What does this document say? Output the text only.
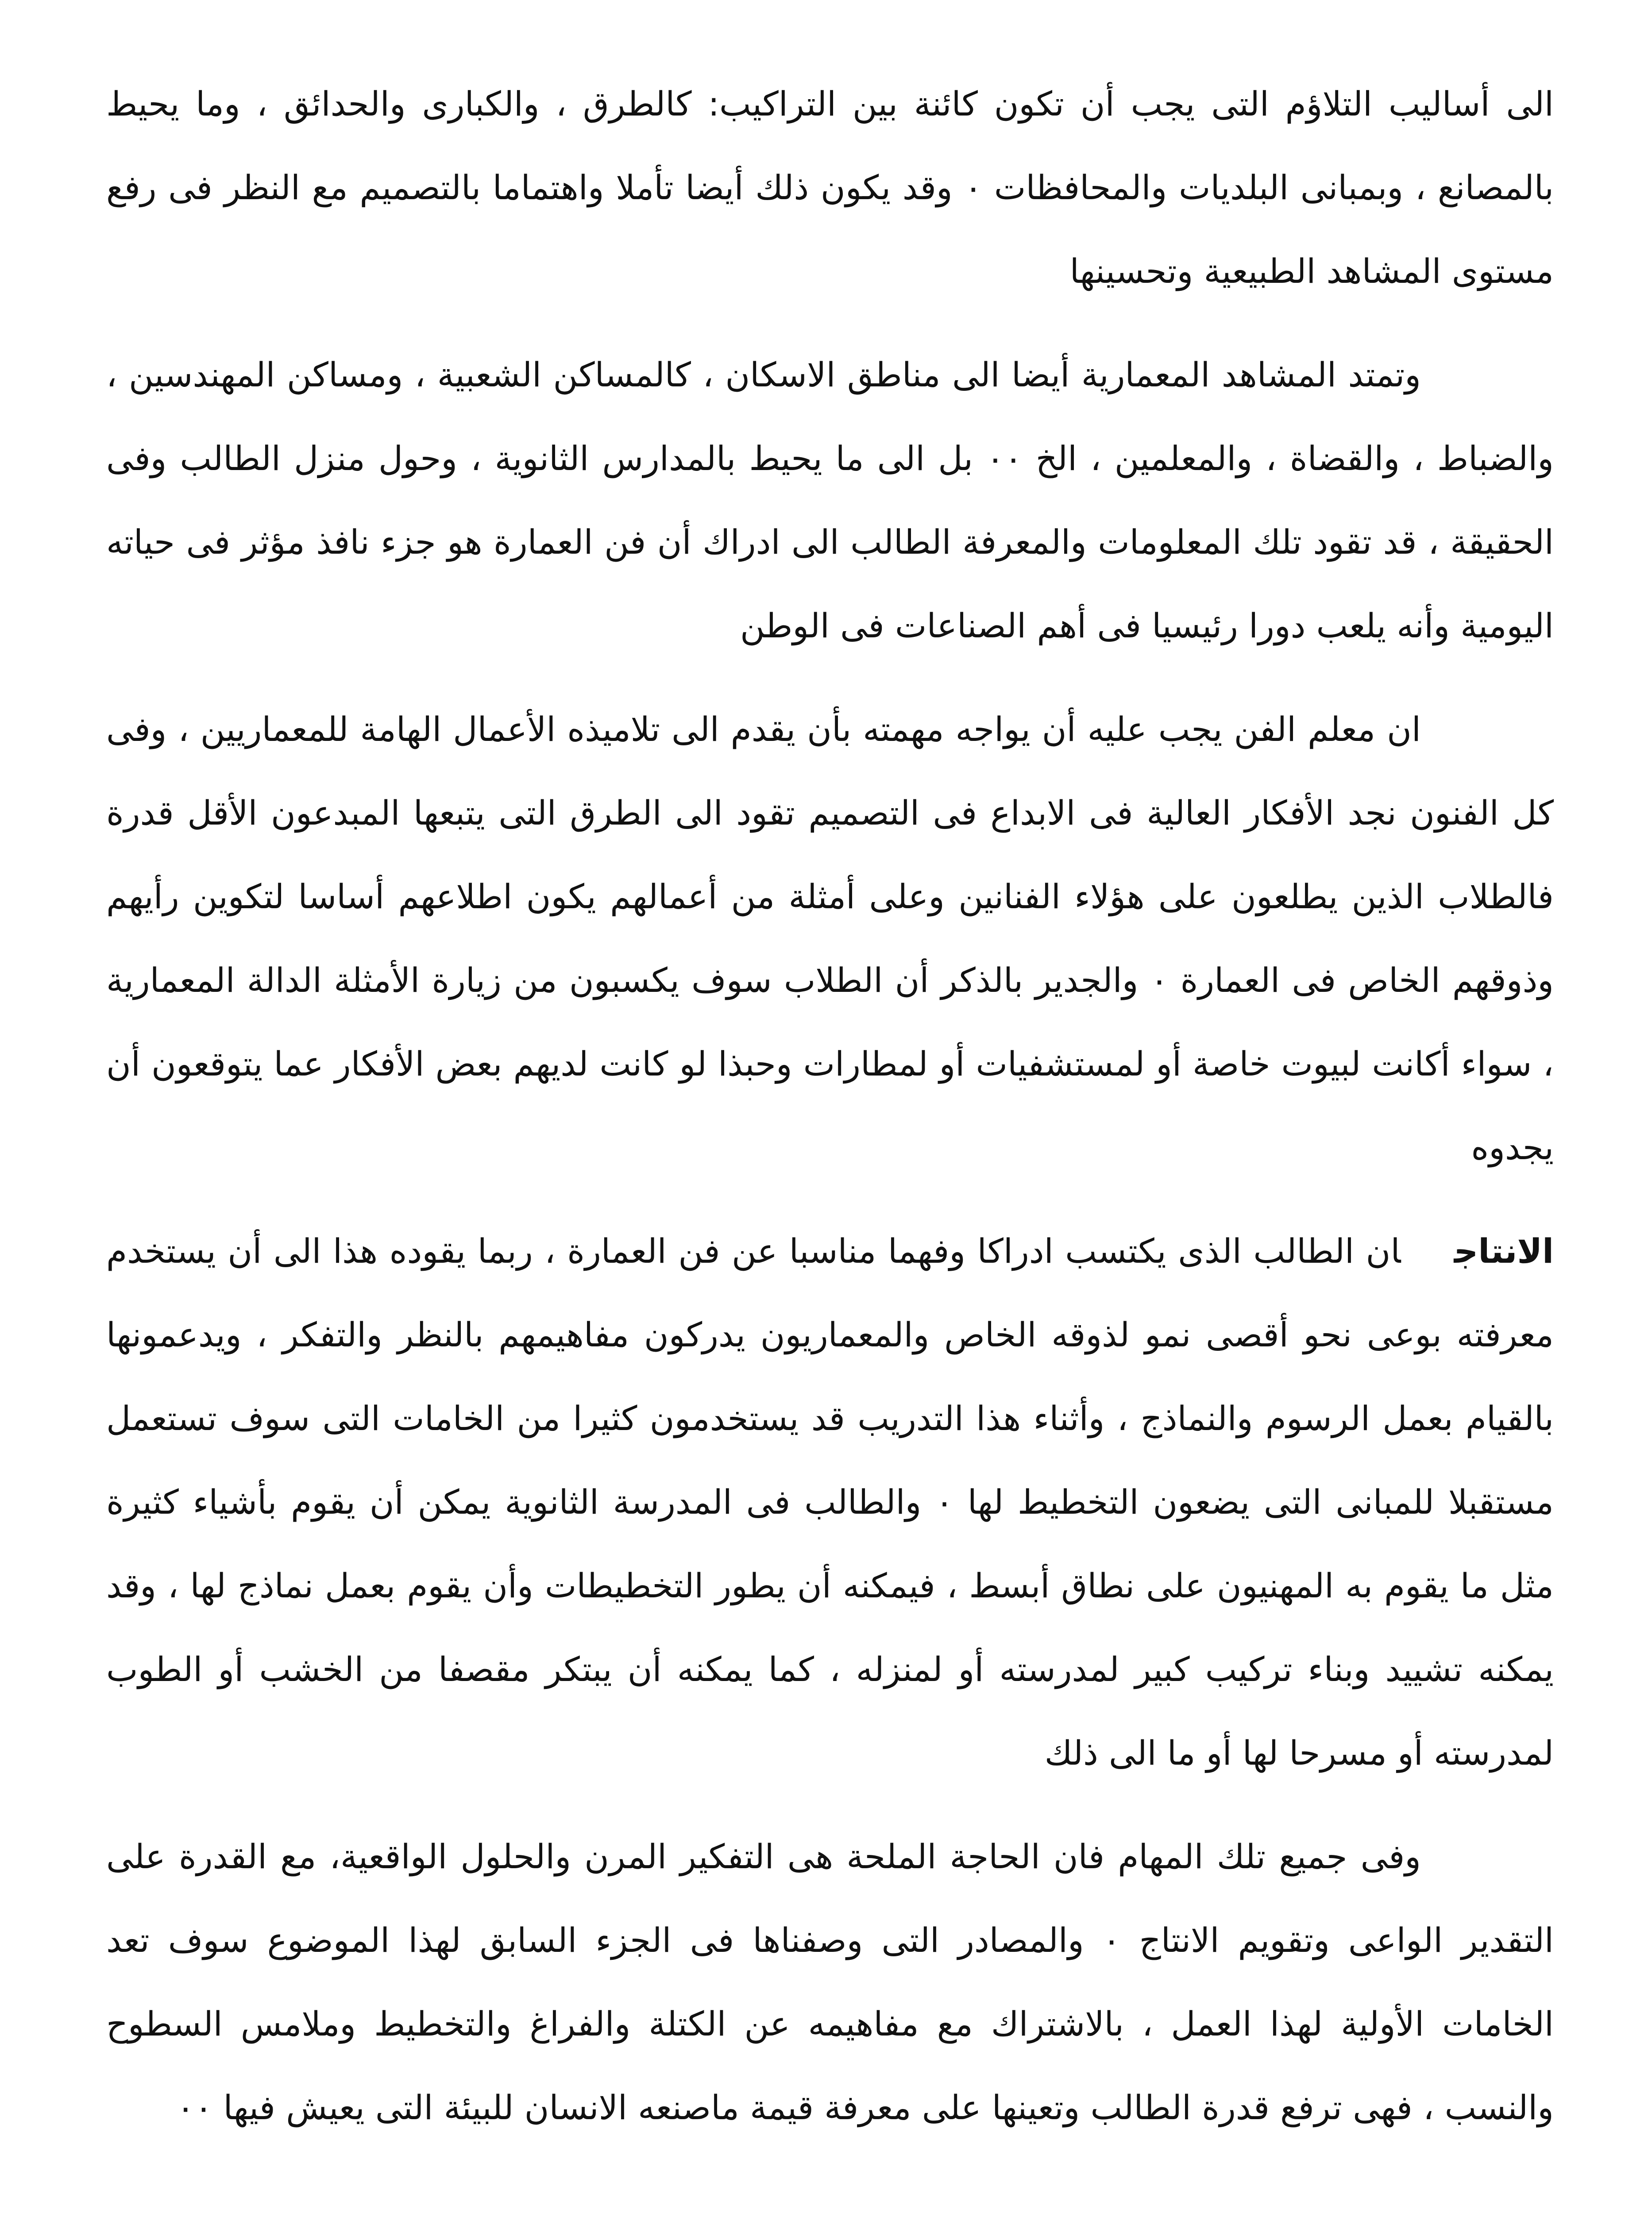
الى أساليب التلاؤم التى يجب أن تكون كائنة بين التراكيب: كالطرق ، والكبارى والحدائق ، وما يحيط بالمصانع ، وبمبانى البلديات والمحافظات ٠ وقد يكون ذلك أيضا تأملا واهتماما بالتصميم مع النظر فى رفع مستوى المشاهد الطبيعية وتحسينها

وتمتد المشاهد المعمارية أيضا الى مناطق الاسكان ، كالمساكن الشعبية ، ومساكن المهندسين ، والضباط ، والقضاة ، والمعلمين ، الخ ٠٠ بل الى ما يحيط بالمدارس الثانوية ، وحول منزل الطالب وفى الحقيقة ، قد تقود تلك المعلومات والمعرفة الطالب الى ادراك أن فن العمارة هو جزء نافذ مؤثر فى حياته اليومية وأنه يلعب دورا رئيسيا فى أهم الصناعات فى الوطن

ان معلم الفن يجب عليه أن يواجه مهمته بأن يقدم الى تلاميذه الأعمال الهامة للمعماريين ، وفى كل الفنون نجد الأفكار العالية فى الابداع فى التصميم تقود الى الطرق التى يتبعها المبدعون الأقل قدرة فالطلاب الذين يطلعون على هؤلاء الفنانين وعلى أمثلة من أعمالهم يكون اطلاعهم أساسا لتكوين رأيهم وذوقهم الخاص فى العمارة ٠ والجدير بالذكر أن الطلاب سوف يكسبون من زيارة الأمثلة الدالة المعمارية ، سواء أكانت لبيوت خاصة أو لمستشفيات أو لمطارات وحبذا لو كانت لديهم بعض الأفكار عما يتوقعون أن يجدوه

الانتاجان الطالب الذى يكتسب ادراكا وفهما مناسبا عن فن العمارة ، ربما يقوده هذا الى أن يستخدم معرفته بوعى نحو أقصى نمو لذوقه الخاص والمعماريون يدركون مفاهيمهم بالنظر والتفكر ، ويدعمونها بالقيام بعمل الرسوم والنماذج ، وأثناء هذا التدريب قد يستخدمون كثيرا من الخامات التى سوف تستعمل مستقبلا للمبانى التى يضعون التخطيط لها ٠ والطالب فى المدرسة الثانوية يمكن أن يقوم بأشياء كثيرة مثل ما يقوم به المهنيون على نطاق أبسط ، فيمكنه أن يطور التخطيطات وأن يقوم بعمل نماذج لها ، وقد يمكنه تشييد وبناء تركيب كبير لمدرسته أو لمنزله ، كما يمكنه أن يبتكر مقصفا من الخشب أو الطوب لمدرسته أو مسرحا لها أو ما الى ذلك

وفى جميع تلك المهام فان الحاجة الملحة هى التفكير المرن والحلول الواقعية، مع القدرة على التقدير الواعى وتقويم الانتاج ٠ والمصادر التى وصفناها فى الجزء السابق لهذا الموضوع سوف تعد الخامات الأولية لهذا العمل ، بالاشتراك مع مفاهيمه عن الكتلة والفراغ والتخطيط وملامس السطوح والنسب ، فهى ترفع قدرة الطالب وتعينها على معرفة قيمة ماصنعه الانسان للبيئة التى يعيش فيها ٠٠
